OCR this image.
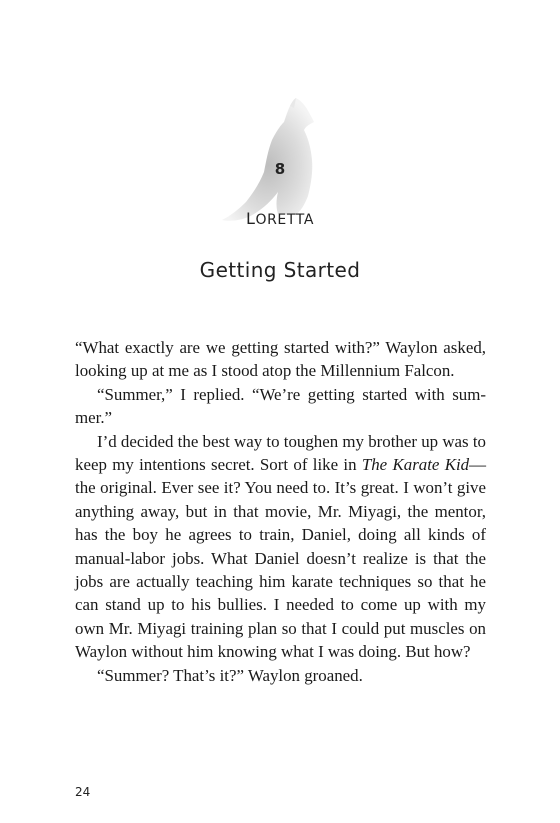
8
LORETTA
Getting Started

“What exactly are we getting started with?” Waylon asked, looking up at me as I stood atop the Millennium Falcon.

“Summer,” I replied. “We’re getting started with summer.”

I’d decided the best way to toughen my brother up was to keep my intentions secret. Sort of like in The Karate Kid—the original. Ever see it? You need to. It’s great. I won’t give anything away, but in that movie, Mr. Miyagi, the mentor, has the boy he agrees to train, Daniel, doing all kinds of manual-labor jobs. What Daniel doesn’t realize is that the jobs are actually teaching him karate techniques so that he can stand up to his bullies. I needed to come up with my own Mr. Miyagi training plan so that I could put muscles on Waylon without him knowing what I was doing. But how?

“Summer? That’s it?” Waylon groaned.

24
